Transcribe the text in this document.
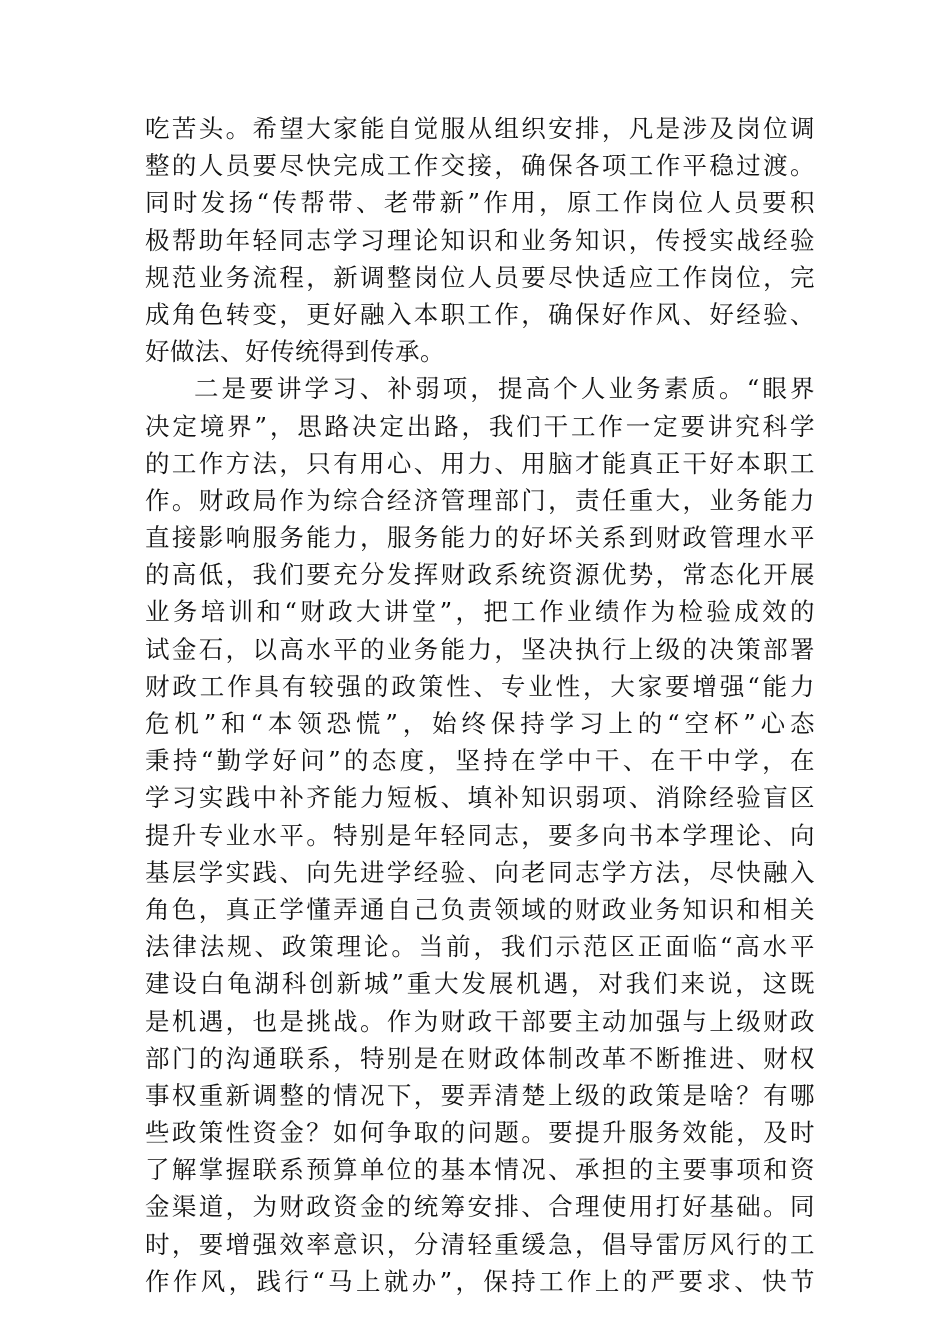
吃苦头。希望大家能自觉服从组织安排，凡是涉及岗位调
整的人员要尽快完成工作交接，确保各项工作平稳过渡。
同时发扬“传帮带、老带新”作用，原工作岗位人员要积
极帮助年轻同志学习理论知识和业务知识，传授实战经验
规范业务流程，新调整岗位人员要尽快适应工作岗位，完
成角色转变，更好融入本职工作，确保好作风、好经验、
好做法、好传统得到传承。
二是要讲学习、补弱项，提高个人业务素质。“眼界
决定境界”，思路决定出路，我们干工作一定要讲究科学
的工作方法，只有用心、用力、用脑才能真正干好本职工
作。财政局作为综合经济管理部门，责任重大，业务能力
直接影响服务能力，服务能力的好坏关系到财政管理水平
的高低，我们要充分发挥财政系统资源优势，常态化开展
业务培训和“财政大讲堂”，把工作业绩作为检验成效的
试金石，以高水平的业务能力，坚决执行上级的决策部署
财政工作具有较强的政策性、专业性，大家要增强“能力
危机”和“本领恐慌”，始终保持学习上的“空杯”心态
秉持“勤学好问”的态度，坚持在学中干、在干中学，在
学习实践中补齐能力短板、填补知识弱项、消除经验盲区
提升专业水平。特别是年轻同志，要多向书本学理论、向
基层学实践、向先进学经验、向老同志学方法，尽快融入
角色，真正学懂弄通自己负责领域的财政业务知识和相关
法律法规、政策理论。当前，我们示范区正面临“高水平
建设白龟湖科创新城”重大发展机遇，对我们来说，这既
是机遇，也是挑战。作为财政干部要主动加强与上级财政
部门的沟通联系，特别是在财政体制改革不断推进、财权
事权重新调整的情况下，要弄清楚上级的政策是啥？有哪
些政策性资金？如何争取的问题。要提升服务效能，及时
了解掌握联系预算单位的基本情况、承担的主要事项和资
金渠道，为财政资金的统筹安排、合理使用打好基础。同
时，要增强效率意识，分清轻重缓急，倡导雷厉风行的工
作作风，践行“马上就办”，保持工作上的严要求、快节
